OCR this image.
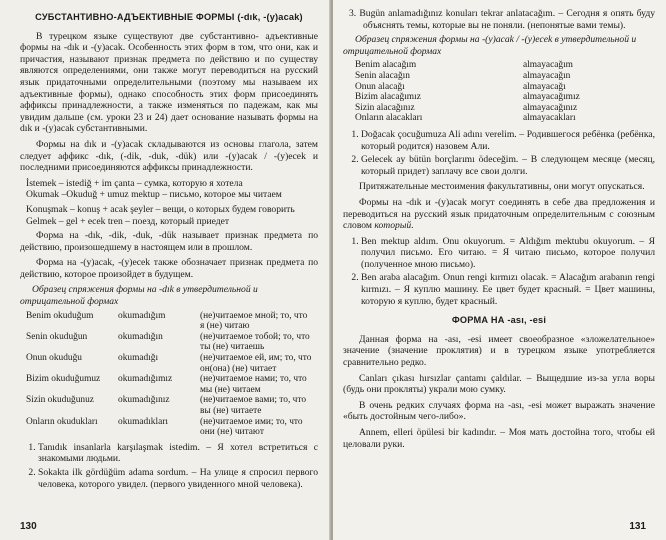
СУБСТАНТИВНО-АДЪЕКТИВНЫЕ ФОРМЫ (-dık, -(y)acak)

В турецком языке существуют две субстантивно- адъективные формы на -dık и -(y)acak. Особенность этих форм в том, что они, как и причастия, называют признак предмета по действию и по существу являются определениями, они также могут переводиться на русский язык придаточными определительными (поэтому мы называем их адъективные формы), однако способность этих форм присоединять аффиксы принадлежности, а также изменяться по падежам, как мы увидим дальше (см. уроки 23 и 24) дает основание называть формы на dık и -(y)acak субстантивными.

Формы на dık и -(y)acak складываются из основы глагола, затем следует аффикс -dık, (-dik, -duk, -dük) или -(y)acak / -(y)ecek и последними присоединяются аффиксы принадлежности.

İstemek – istediğ + im çanta – сумка, которую я хотела
Okumak –Okuduğ + umuz mektup – письмо, которое мы читаем
Konuşmak – konuş + acak şeyler – вещи, о которых будем говорить
Gelmek – gel + ecek tren – поезд, который приедет

Форма на -dık, -dik, -duk, -dük называет признак предмета по действию, произошедшему в настоящем или в прошлом.

Форма на -(y)acak, -(y)ecek также обозначает признак предмета по действию, которое произойдет в будущем.

Образец спряжения формы на -dık в утвердительной и отрицательной формах
Benim okuduğum	okumadığım	(не)читаемое мной; то, что я (не) читаю
Senin okuduğun	okumadığın	(не)читаемое тобой; то, что ты (не) читаешь
Onun okuduğu	okumadığı	(не)читаемое ей, им; то, что он(она) (не) читает
Bizim okuduğumuz	okumadığımız	(не)читаемое нами; то, что мы (не) читаем
Sizin okuduğunuz	okumadığınız	(не)читаемое вами; то, что вы (не) читаете
Onların okudukları	okumadıkları	(не)читаемое ими; то, что они (не) читают
1. Tanıdık insanlarla karşılaşmak istedim. – Я хотел встретиться с знакомыми людьми.
2. Sokakta ilk gördüğüm adama sordum. – На улице я спросил первого человека, которого увидел. (первого увиденного мной человека).
130

3. Bugün anlamadığınız konuları tekrar anlatacağım. – Сегодня я опять буду объяснять темы, которые вы не поняли. (непонятые вами темы).

Образец спряжения формы на -(y)acak / -(y)ecek в утвердительной и отрицательной формах
Benim alacağım	almayacağım
Senin alacağın	almayacağın
Onun alacağı	almayacağı
Bizim alacağımız	almayacağımız
Sizin alacağınız	almayacağınız
Onların alacakları	almayacakları
1. Doğacak çocuğumuza Ali adını verelim. – Родившегося ребёнка (ребёнка, который родится) назовем Али.
2. Gelecek ay bütün borçlarımı ödeceğim. – В следующем месяце (месяц, который придет) заплачу все свои долги.

Притяжательные местоимения факультативны, они могут опускаться.

Формы на -dık и -(y)acak могут соединять в себе два предложения и переводиться на русский язык придаточным определительным с союзным словом который.

1. Ben mektup aldım. Onu okuyorum. = Aldığım mektubu okuyorum. – Я получил письмо. Его читаю. = Я читаю письмо, которое получил (полученное мною письмо).
2. Ben araba alacağım. Onun rengi kırmızı olacak. = Alacağım arabanın rengi kırmızı. – Я куплю машину. Ее цвет будет красный. = Цвет машины, которую я куплю, будет красный.
ФОРМА НА -ası, -esi

Данная форма на -ası, -esi имеет своеобразное «зложелательное» значение (значение проклятия) и в турецком языке употребляется сравнительно редко.

Canları çıkası hırsızlar çantamı çaldılar. – Выщедшие из-за угла воры (будь они прокляты) украли мою сумку.

В очень редких случаях форма на -ası, -esi может выражать значение «быть достойным чего-либо».

Annem, elleri öpülesi bir kadındır. – Моя мать достойна того, чтобы ей целовали руки.

131
